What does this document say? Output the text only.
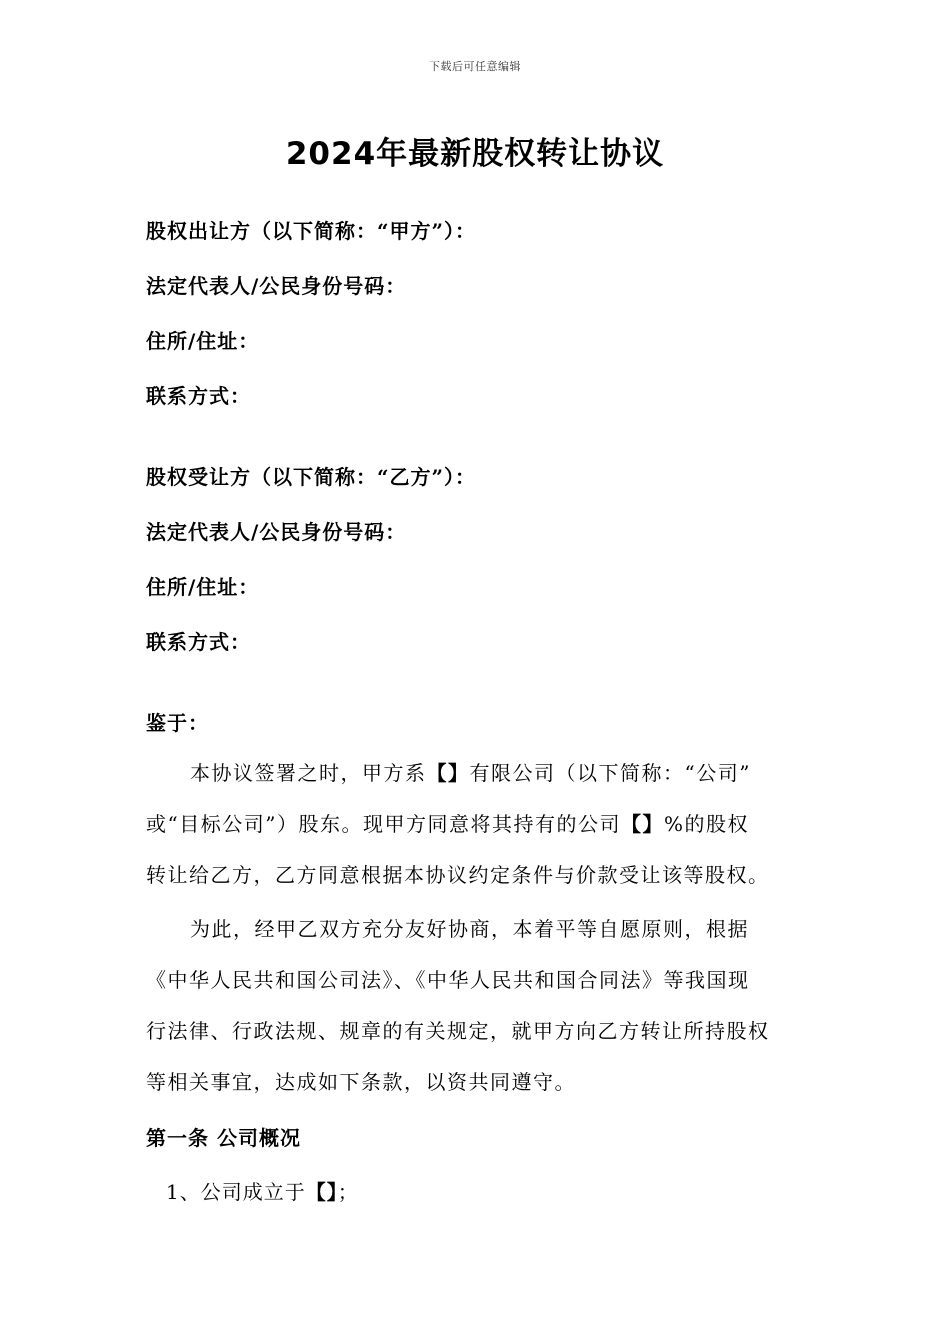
下载后可任意编辑
2024年最新股权转让协议
股权出让方（以下简称：“甲方”）：
法定代表人/公民身份号码：
住所/住址：
联系方式：
股权受让方（以下简称：“乙方”）：
法定代表人/公民身份号码：
住所/住址：
联系方式：
鉴于：
本协议签署之时，甲方系【】有限公司（以下简称：“公司”
或“目标公司”）股东。现甲方同意将其持有的公司【】%的股权
转让给乙方，乙方同意根据本协议约定条件与价款受让该等股权。
为此，经甲乙双方充分友好协商，本着平等自愿原则，根据
《中华人民共和国公司法》、《中华人民共和国合同法》等我国现
行法律、行政法规、规章的有关规定，就甲方向乙方转让所持股权
等相关事宜，达成如下条款，以资共同遵守。
第一条 公司概况
1、公司成立于【】；
